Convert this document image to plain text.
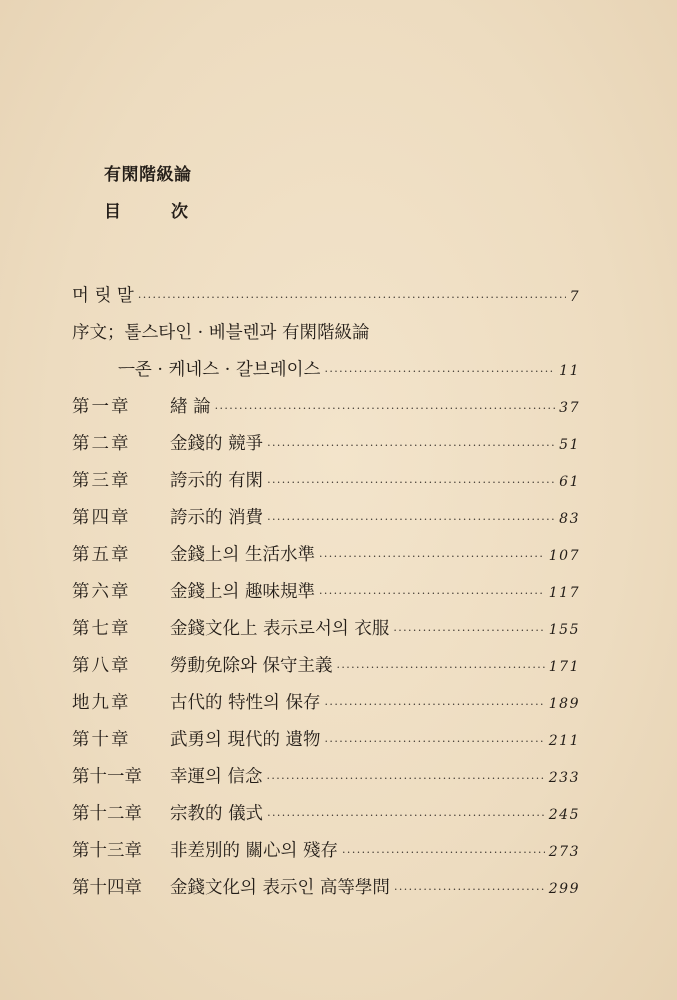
有閑階級論
目	次
머 릿 말 ·····	7
序文；톨스타인 · 베블렌과 有閑階級論
ㅡ존 · 케네스 · 갈브레이스 ·····	11
第一章	緖 論 ·····	37
第二章	金錢的 競爭 ·····	51
第三章	誇示的 有閑 ·····	61
第四章	誇示的 消費 ·····	83
第五章	金錢上의 生活水準 ·····	107
第六章	金錢上의 趣味規準 ·····	117
第七章	金錢文化上 表示로서의 衣服 ·····	155
第八章	勞動免除와 保守主義 ·····	171
地九章	古代的 特性의 保存 ·····	189
第十章	武勇의 現代的 遺物 ·····	211
第十一章	幸運의 信念 ·····	233
第十二章	宗教的 儀式 ·····	245
第十三章	非差別的 關心의 殘存 ·····	273
第十四章	金錢文化의 表示인 高等學問 ·····	299
